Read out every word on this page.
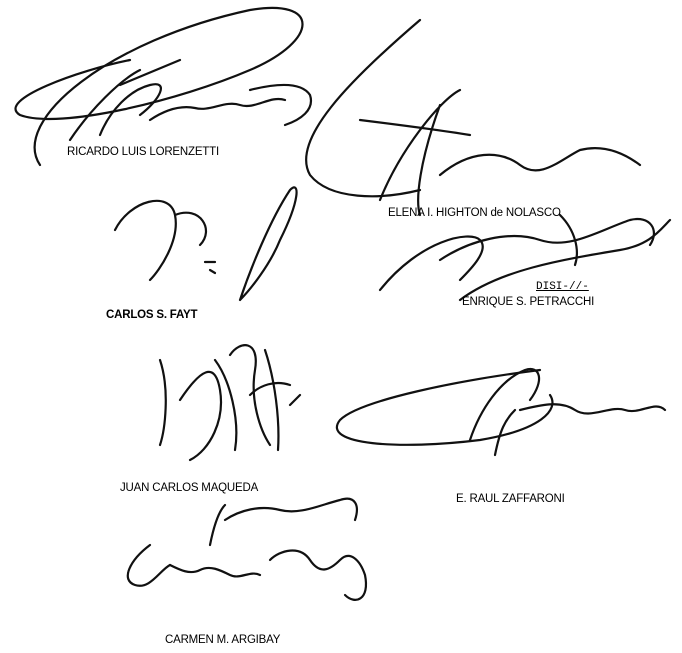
RICARDO LUIS LORENZETTI
ELENA I. HIGHTON de NOLASCO
CARLOS S. FAYT
DISI-//-
ENRIQUE S. PETRACCHI
JUAN CARLOS MAQUEDA
E. RAUL ZAFFARONI
CARMEN M. ARGIBAY
